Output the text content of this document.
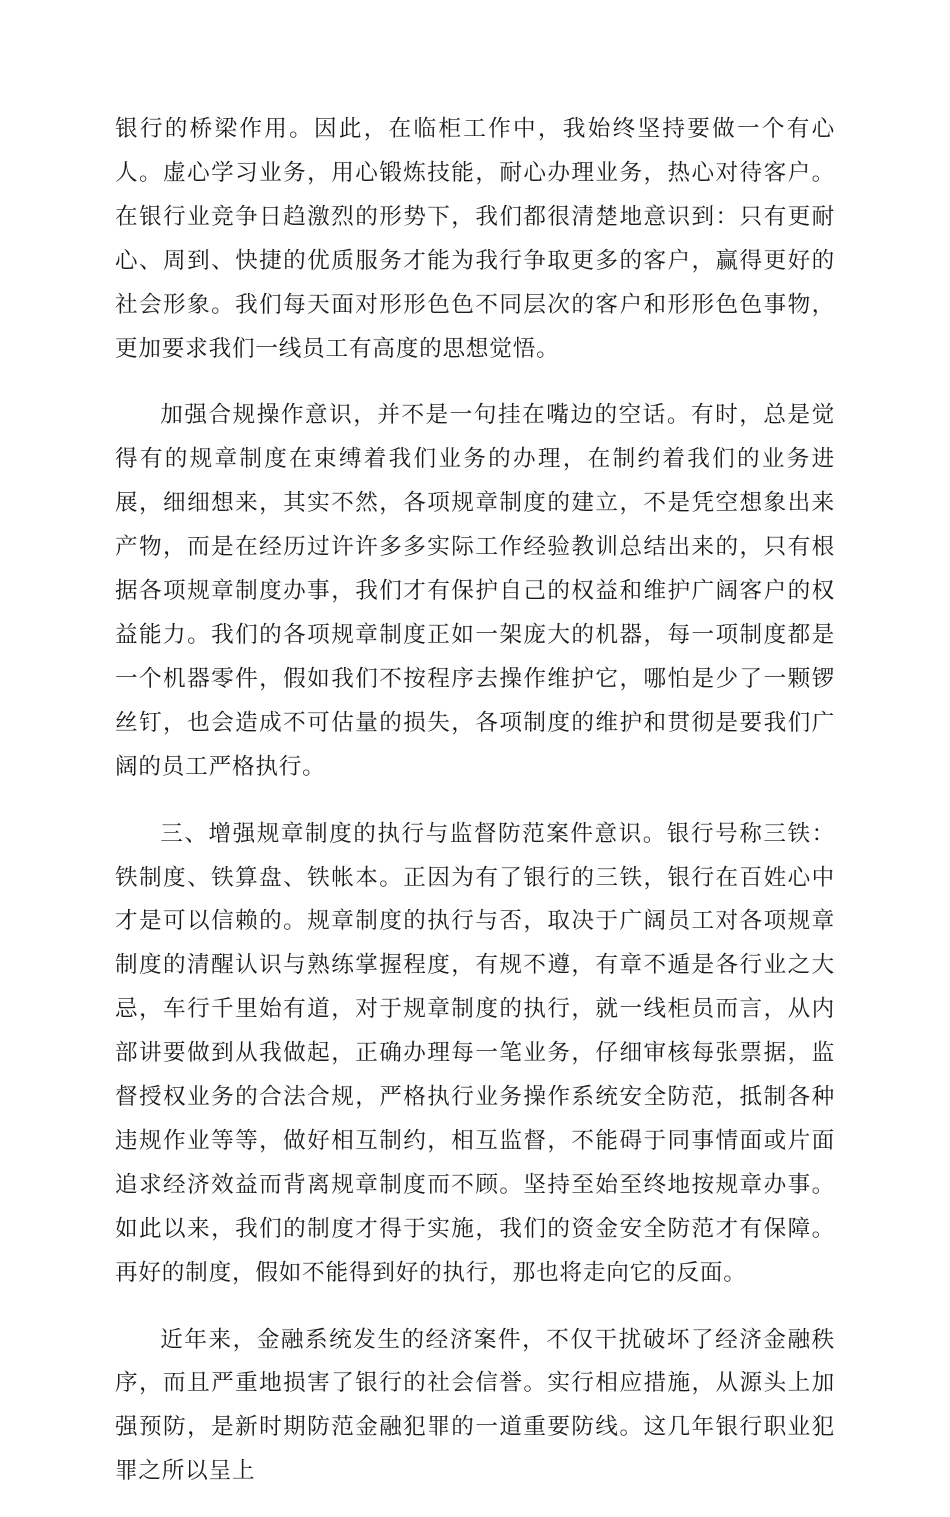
银行的桥梁作用。因此，在临柜工作中，我始终坚持要做一个有心人。虚心学习业务，用心锻炼技能，耐心办理业务，热心对待客户。在银行业竞争日趋激烈的形势下，我们都很清楚地意识到：只有更耐心、周到、快捷的优质服务才能为我行争取更多的客户，赢得更好的社会形象。我们每天面对形形色色不同层次的客户和形形色色事物，更加要求我们一线员工有高度的思想觉悟。

加强合规操作意识，并不是一句挂在嘴边的空话。有时，总是觉得有的规章制度在束缚着我们业务的办理，在制约着我们的业务进展，细细想来，其实不然，各项规章制度的建立，不是凭空想象出来产物，而是在经历过许许多多实际工作经验教训总结出来的，只有根据各项规章制度办事，我们才有保护自己的权益和维护广阔客户的权益能力。我们的各项规章制度正如一架庞大的机器，每一项制度都是一个机器零件，假如我们不按程序去操作维护它，哪怕是少了一颗锣丝钉，也会造成不可估量的损失，各项制度的维护和贯彻是要我们广阔的员工严格执行。

三、增强规章制度的执行与监督防范案件意识。银行号称三铁：铁制度、铁算盘、铁帐本。正因为有了银行的三铁，银行在百姓心中才是可以信赖的。规章制度的执行与否，取决于广阔员工对各项规章制度的清醒认识与熟练掌握程度，有规不遵，有章不遁是各行业之大忌，车行千里始有道，对于规章制度的执行，就一线柜员而言，从内部讲要做到从我做起，正确办理每一笔业务，仔细审核每张票据，监督授权业务的合法合规，严格执行业务操作系统安全防范，抵制各种违规作业等等，做好相互制约，相互监督，不能碍于同事情面或片面追求经济效益而背离规章制度而不顾。坚持至始至终地按规章办事。如此以来，我们的制度才得于实施，我们的资金安全防范才有保障。再好的制度，假如不能得到好的执行，那也将走向它的反面。

近年来，金融系统发生的经济案件，不仅干扰破坏了经济金融秩序，而且严重地损害了银行的社会信誉。实行相应措施，从源头上加强预防，是新时期防范金融犯罪的一道重要防线。这几年银行职业犯罪之所以呈上
